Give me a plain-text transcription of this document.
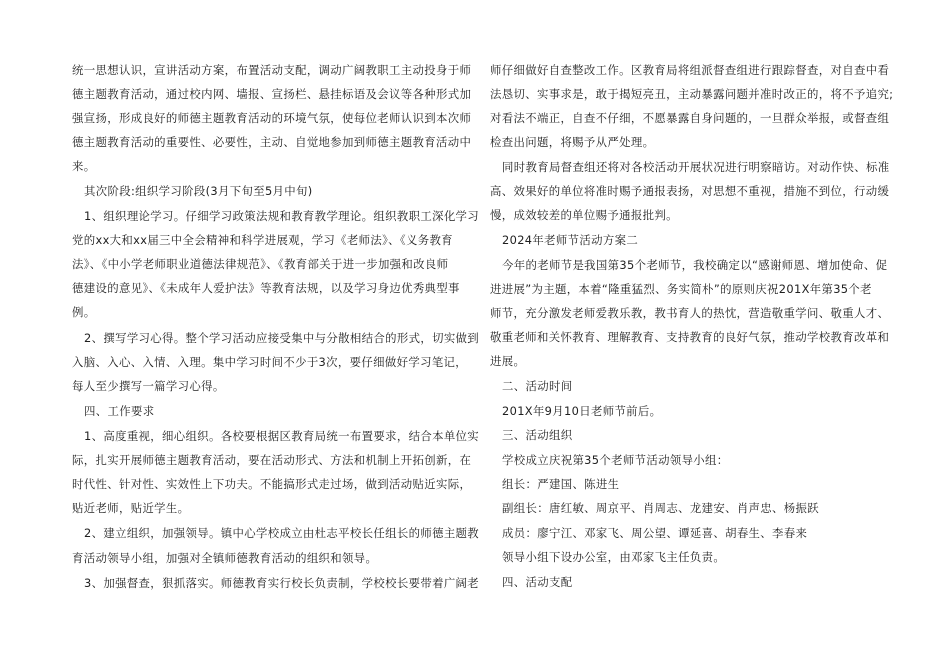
统一思想认识，宣讲活动方案，布置活动支配，调动广阔教职工主动投身于师
德主题教育活动，通过校内网、墙报、宣扬栏、悬挂标语及会议等各种形式加
强宣扬，形成良好的师德主题教育活动的环境气氛，使每位老师认识到本次师
德主题教育活动的重要性、必要性，主动、自觉地参加到师德主题教育活动中
来。
其次阶段:组织学习阶段(3月下旬至5月中旬)
1、组织理论学习。仔细学习政策法规和教育教学理论。组织教职工深化学习
党的xx大和xx届三中全会精神和科学进展观，学习《老师法》、《义务教育
法》、《中小学老师职业道德法律规范》、《教育部关于进一步加强和改良师
德建设的意见》、《未成年人爱护法》等教育法规，以及学习身边优秀典型事
例。
2、撰写学习心得。整个学习活动应接受集中与分散相结合的形式，切实做到
入脑、入心、入情、入理。集中学习时间不少于3次，要仔细做好学习笔记，
每人至少撰写一篇学习心得。
四、工作要求
1、高度重视，细心组织。各校要根据区教育局统一布置要求，结合本单位实
际，扎实开展师德主题教育活动，要在活动形式、方法和机制上开拓创新，在
时代性、针对性、实效性上下功夫。不能搞形式走过场，做到活动贴近实际，
贴近老师，贴近学生。
2、建立组织，加强领导。镇中心学校成立由杜志平校长任组长的师德主题教
育活动领导小组，加强对全镇师德教育活动的组织和领导。
3、加强督查，狠抓落实。师德教育实行校长负责制，学校校长要带着广阔老
师仔细做好自查整改工作。区教育局将组派督查组进行跟踪督查，对自查中看
法恳切、实事求是，敢于揭短亮丑，主动暴露问题并准时改正的，将不予追究;
对看法不端正，自查不仔细，不愿暴露自身问题的，一旦群众举报，或督查组
检查出问题，将赐予从严处理。
同时教育局督查组还将对各校活动开展状况进行明察暗访。对动作快、标准
高、效果好的单位将准时赐予通报表扬，对思想不重视，措施不到位，行动缓
慢，成效较差的单位赐予通报批判。
2024年老师节活动方案二
今年的老师节是我国第35个老师节，我校确定以“感谢师恩、增加使命、促
进进展”为主题，本着“隆重猛烈、务实简朴”的原则庆祝201X年第35个老
师节，充分激发老师爱教乐教，教书育人的热忱，营造敬重学问、敬重人才、
敬重老师和关怀教育、理解教育、支持教育的良好气氛，推动学校教育改革和
进展。
二、活动时间
201X年9月10日老师节前后。
三、活动组织
学校成立庆祝第35个老师节活动领导小组：
组长：严建国、陈进生
副组长：唐红敏、周京平、肖周志、龙建安、肖声忠、杨振跃
成员：廖宁江、邓家飞、周公望、谭延喜、胡春生、李春来
领导小组下设办公室，由邓家飞主任负责。
四、活动支配
